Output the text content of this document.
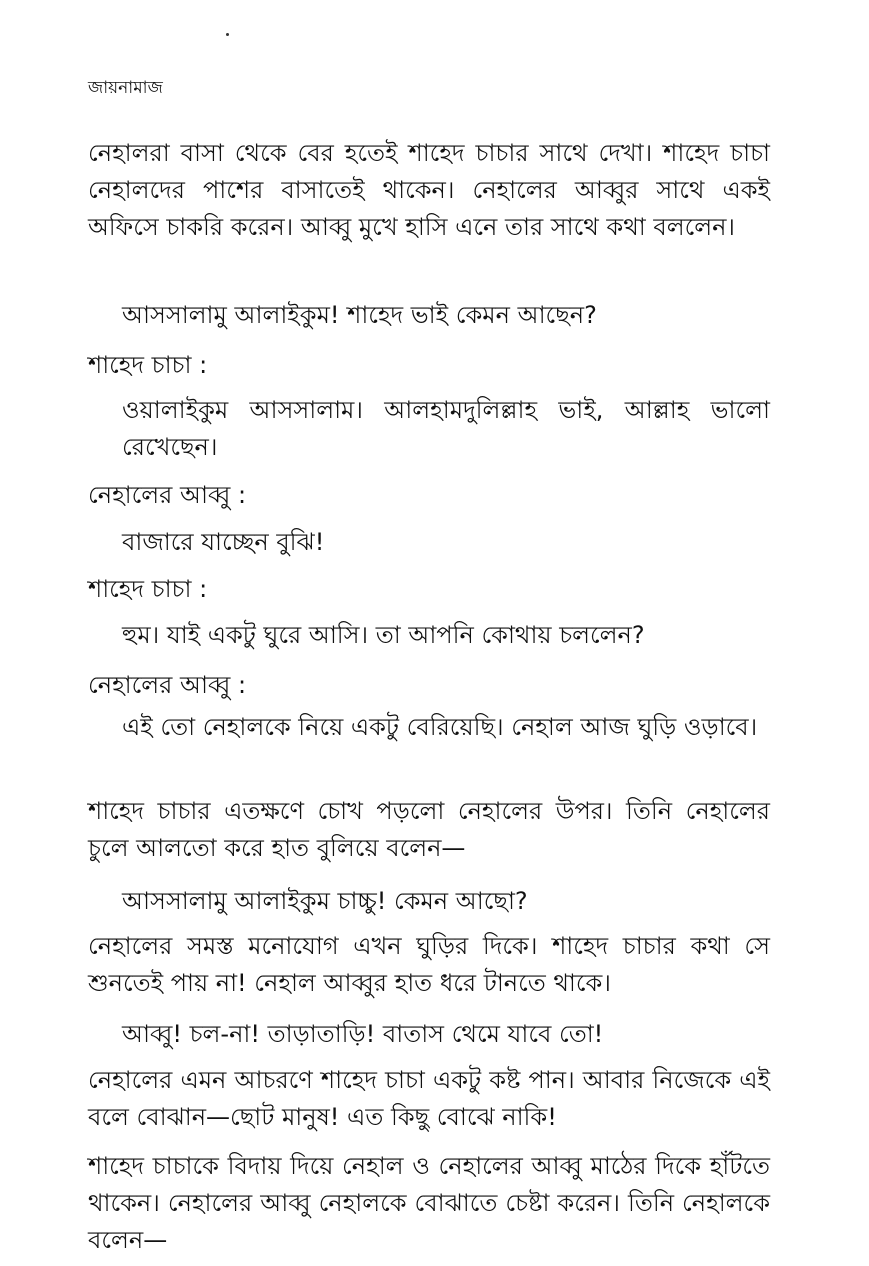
জায়নামাজ

নেহালরা বাসা থেকে বের হতেই শাহেদ চাচার সাথে দেখা। শাহেদ চাচা নেহালদের পাশের বাসাতেই থাকেন। নেহালের আব্বুর সাথে একই অফিসে চাকরি করেন। আব্বু মুখে হাসি এনে তার সাথে কথা বললেন।

আসসালামু আলাইকুম! শাহেদ ভাই কেমন আছেন?

শাহেদ চাচা :

ওয়ালাইকুম আসসালাম। আলহামদুলিল্লাহ ভাই, আল্লাহ ভালো রেখেছেন।

নেহালের আব্বু :

বাজারে যাচ্ছেন বুঝি!

শাহেদ চাচা :

হুম। যাই একটু ঘুরে আসি। তা আপনি কোথায় চললেন?

নেহালের আব্বু :

এই তো নেহালকে নিয়ে একটু বেরিয়েছি। নেহাল আজ ঘুড়ি ওড়াবে।

শাহেদ চাচার এতক্ষণে চোখ পড়লো নেহালের উপর। তিনি নেহালের চুলে আলতো করে হাত বুলিয়ে বলেন—

আসসালামু আলাইকুম চাচ্চু! কেমন আছো?

নেহালের সমস্ত মনোযোগ এখন ঘুড়ির দিকে। শাহেদ চাচার কথা সে শুনতেই পায় না! নেহাল আব্বুর হাত ধরে টানতে থাকে।

আব্বু! চল-না! তাড়াতাড়ি! বাতাস থেমে যাবে তো!

নেহালের এমন আচরণে শাহেদ চাচা একটু কষ্ট পান। আবার নিজেকে এই বলে বোঝান—ছোট মানুষ! এত কিছু বোঝে নাকি!

শাহেদ চাচাকে বিদায় দিয়ে নেহাল ও নেহালের আব্বু মাঠের দিকে হাঁটতে থাকেন। নেহালের আব্বু নেহালকে বোঝাতে চেষ্টা করেন। তিনি নেহালকে বলেন—
